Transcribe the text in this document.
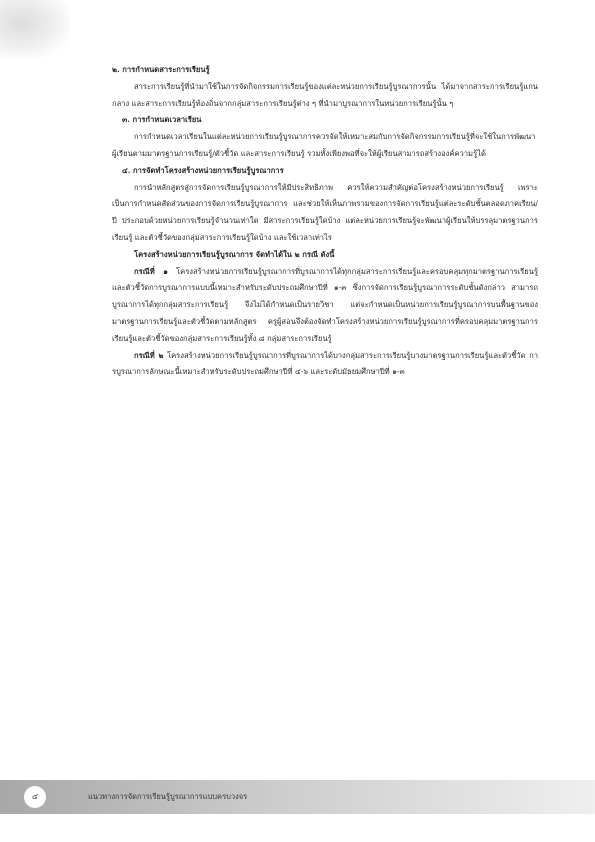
๒. การกำหนดสาระการเรียนรู้

สาระการเรียนรู้ที่นำมาใช้ในการจัดกิจกรรมการเรียนรู้ของแต่ละหน่วยการเรียนรู้บูรณาการนั้น ได้มาจากสาระการเรียนรู้แกนกลาง และสาระการเรียนรู้ท้องถิ่นจากกลุ่มสาระการเรียนรู้ต่าง ๆ ที่นำมาบูรณาการในหน่วยการเรียนรู้นั้น ๆ

๓. การกำหนดเวลาเรียน

การกำหนดเวลาเรียนในแต่ละหน่วยการเรียนรู้บูรณาการควรจัดให้เหมาะสมกับการจัดกิจกรรมการเรียนรู้ที่จะใช้ในการพัฒนาผู้เรียนตามมาตรฐานการเรียนรู้/ตัวชี้วัด และสาระการเรียนรู้ รวมทั้งเพียงพอที่จะให้ผู้เรียนสามารถสร้างองค์ความรู้ได้

๔. การจัดทำโครงสร้างหน่วยการเรียนรู้บูรณาการ

การนำหลักสูตรสู่การจัดการเรียนรู้บูรณาการให้มีประสิทธิภาพ ควรให้ความสำคัญต่อโครงสร้างหน่วยการเรียนรู้ เพราะเป็นการกำหนดสัดส่วนของการจัดการเรียนรู้บูรณาการ และช่วยให้เห็นภาพรวมของการจัดการเรียนรู้แต่ละระดับชั้นตลอดภาคเรียน/ปี ประกอบด้วยหน่วยการเรียนรู้จำนวนเท่าใด มีสาระการเรียนรู้ใดบ้าง แต่ละหน่วยการเรียนรู้จะพัฒนาผู้เรียนให้บรรลุมาตรฐานการเรียนรู้ และตัวชี้วัดของกลุ่มสาระการเรียนรู้ใดบ้าง และใช้เวลาเท่าไร

โครงสร้างหน่วยการเรียนรู้บูรณาการ จัดทำได้ใน ๒ กรณี ดังนี้

กรณีที่ ๑ โครงสร้างหน่วยการเรียนรู้บูรณาการที่บูรณาการได้ทุกกลุ่มสาระการเรียนรู้และครอบคลุมทุกมาตรฐานการเรียนรู้และตัวชี้วัดการบูรณาการแบบนี้เหมาะสำหรับระดับประถมศึกษาปีที่ ๑-๓ ซึ่งการจัดการเรียนรู้บูรณาการระดับชั้นดังกล่าว สามารถบูรณาการได้ทุกกลุ่มสาระการเรียนรู้ จึงไม่ได้กำหนดเป็นรายวิชา แต่จะกำหนดเป็นหน่วยการเรียนรู้บูรณาการบนพื้นฐานของมาตรฐานการเรียนรู้และตัวชี้วัดตามหลักสูตร ครูผู้สอนจึงต้องจัดทำโครงสร้างหน่วยการเรียนรู้บูรณาการที่ครอบคลุมมาตรฐานการเรียนรู้และตัวชี้วัดของกลุ่มสาระการเรียนรู้ทั้ง ๘ กลุ่มสาระการเรียนรู้

กรณีที่ ๒ โครงสร้างหน่วยการเรียนรู้บูรณาการที่บูรณาการได้บางกลุ่มสาระการเรียนรู้บางมาตรฐานการเรียนรู้และตัวชี้วัด การบูรณาการลักษณะนี้เหมาะสำหรับระดับประถมศึกษาปีที่ ๔-๖ และระดับมัธยมศึกษาปีที่ ๑-๓

๔	แนวทางการจัดการเรียนรู้บูรณาการแบบครบวงจร
